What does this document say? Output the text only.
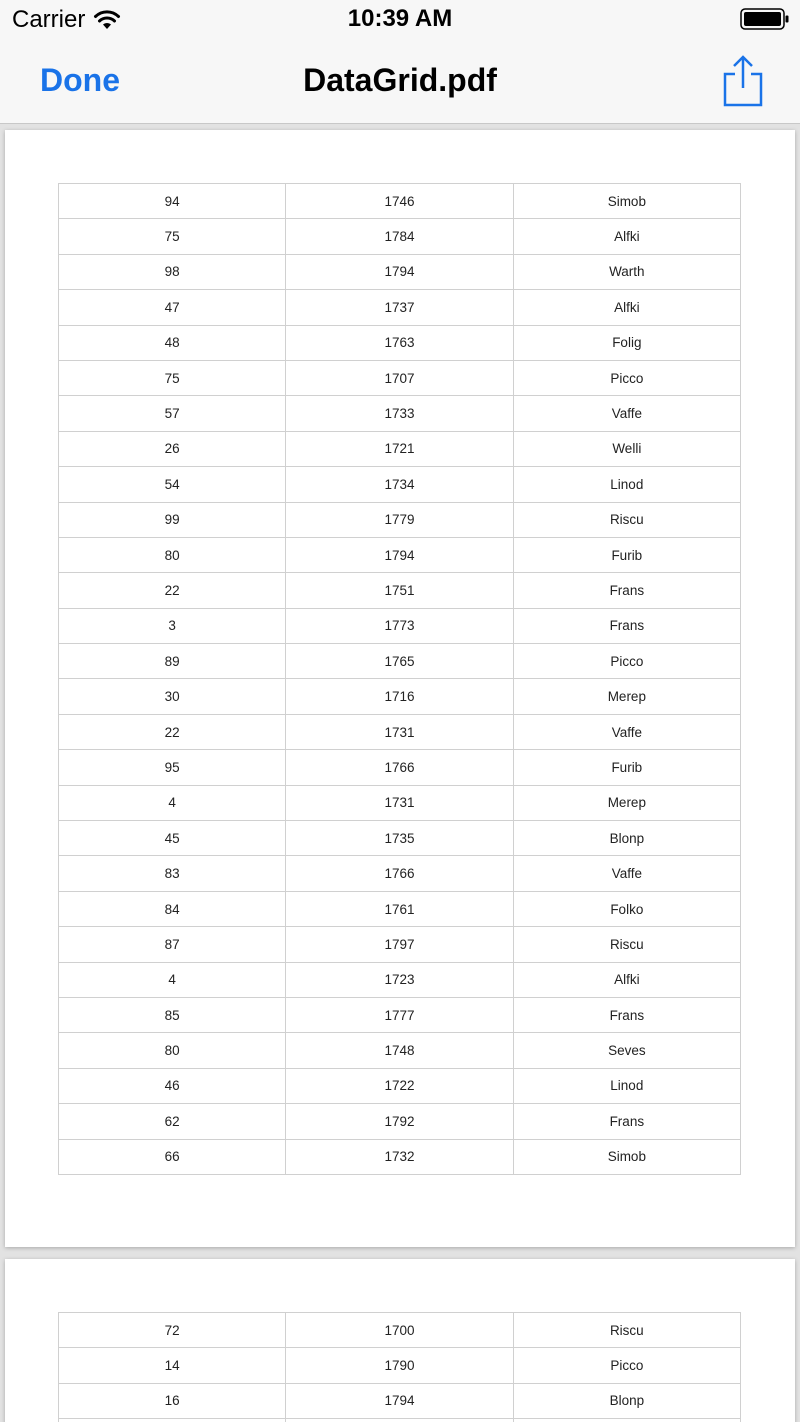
Carrier	10:39 AM
Done	DataGrid.pdf
94	1746	Simob
75	1784	Alfki
98	1794	Warth
47	1737	Alfki
48	1763	Folig
75	1707	Picco
57	1733	Vaffe
26	1721	Welli
54	1734	Linod
99	1779	Riscu
80	1794	Furib
22	1751	Frans
3	1773	Frans
89	1765	Picco
30	1716	Merep
22	1731	Vaffe
95	1766	Furib
4	1731	Merep
45	1735	Blonp
83	1766	Vaffe
84	1761	Folko
87	1797	Riscu
4	1723	Alfki
85	1777	Frans
80	1748	Seves
46	1722	Linod
62	1792	Frans
66	1732	Simob
72	1700	Riscu
14	1790	Picco
16	1794	Blonp
